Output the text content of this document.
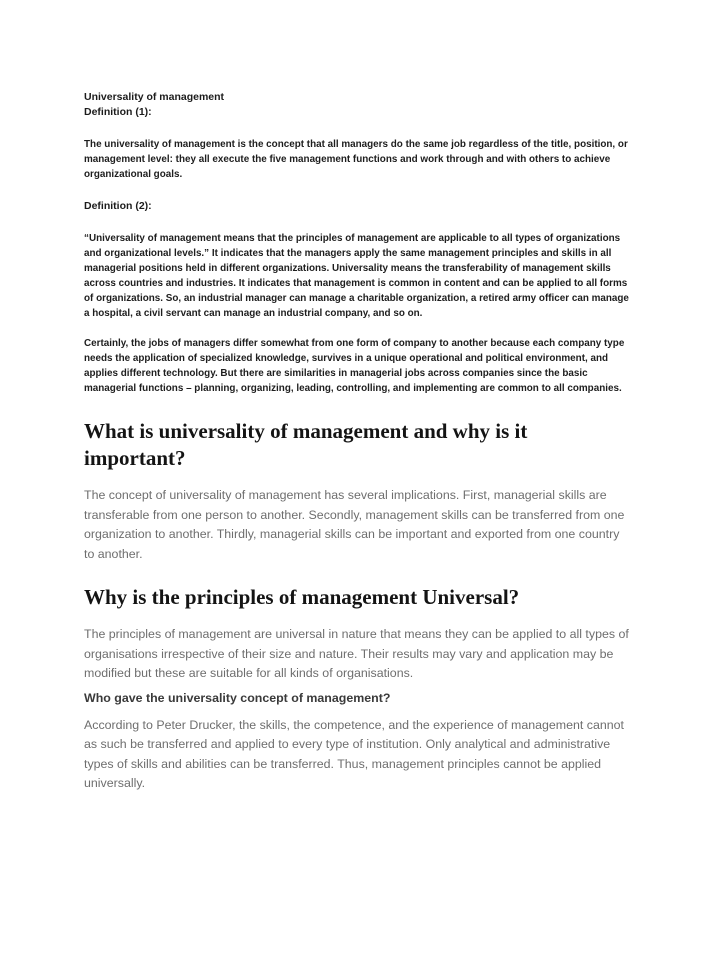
Universality of management
Definition (1):

The universality of management is the concept that all managers do the same job regardless of the title, position, or management level: they all execute the five management functions and work through and with others to achieve organizational goals.

Definition (2):

“Universality of management means that the principles of management are applicable to all types of organizations and organizational levels.” It indicates that the managers apply the same management principles and skills in all managerial positions held in different organizations. Universality means the transferability of management skills across countries and industries. It indicates that management is common in content and can be applied to all forms of organizations. So, an industrial manager can manage a charitable organization, a retired army officer can manage a hospital, a civil servant can manage an industrial company, and so on.

Certainly, the jobs of managers differ somewhat from one form of company to another because each company type needs the application of specialized knowledge, survives in a unique operational and political environment, and applies different technology. But there are similarities in managerial jobs across companies since the basic managerial functions – planning, organizing, leading, controlling, and implementing are common to all companies.

What is universality of management and why is it important?

The concept of universality of management has several implications. First, managerial skills are transferable from one person to another. Secondly, management skills can be transferred from one organization to another. Thirdly, managerial skills can be important and exported from one country to another.

Why is the principles of management Universal?

The principles of management are universal in nature that means they can be applied to all types of organisations irrespective of their size and nature. Their results may vary and application may be modified but these are suitable for all kinds of organisations.

Who gave the universality concept of management?

According to Peter Drucker, the skills, the competence, and the experience of management cannot as such be transferred and applied to every type of institution. Only analytical and administrative types of skills and abilities can be transferred. Thus, management principles cannot be applied universally.
